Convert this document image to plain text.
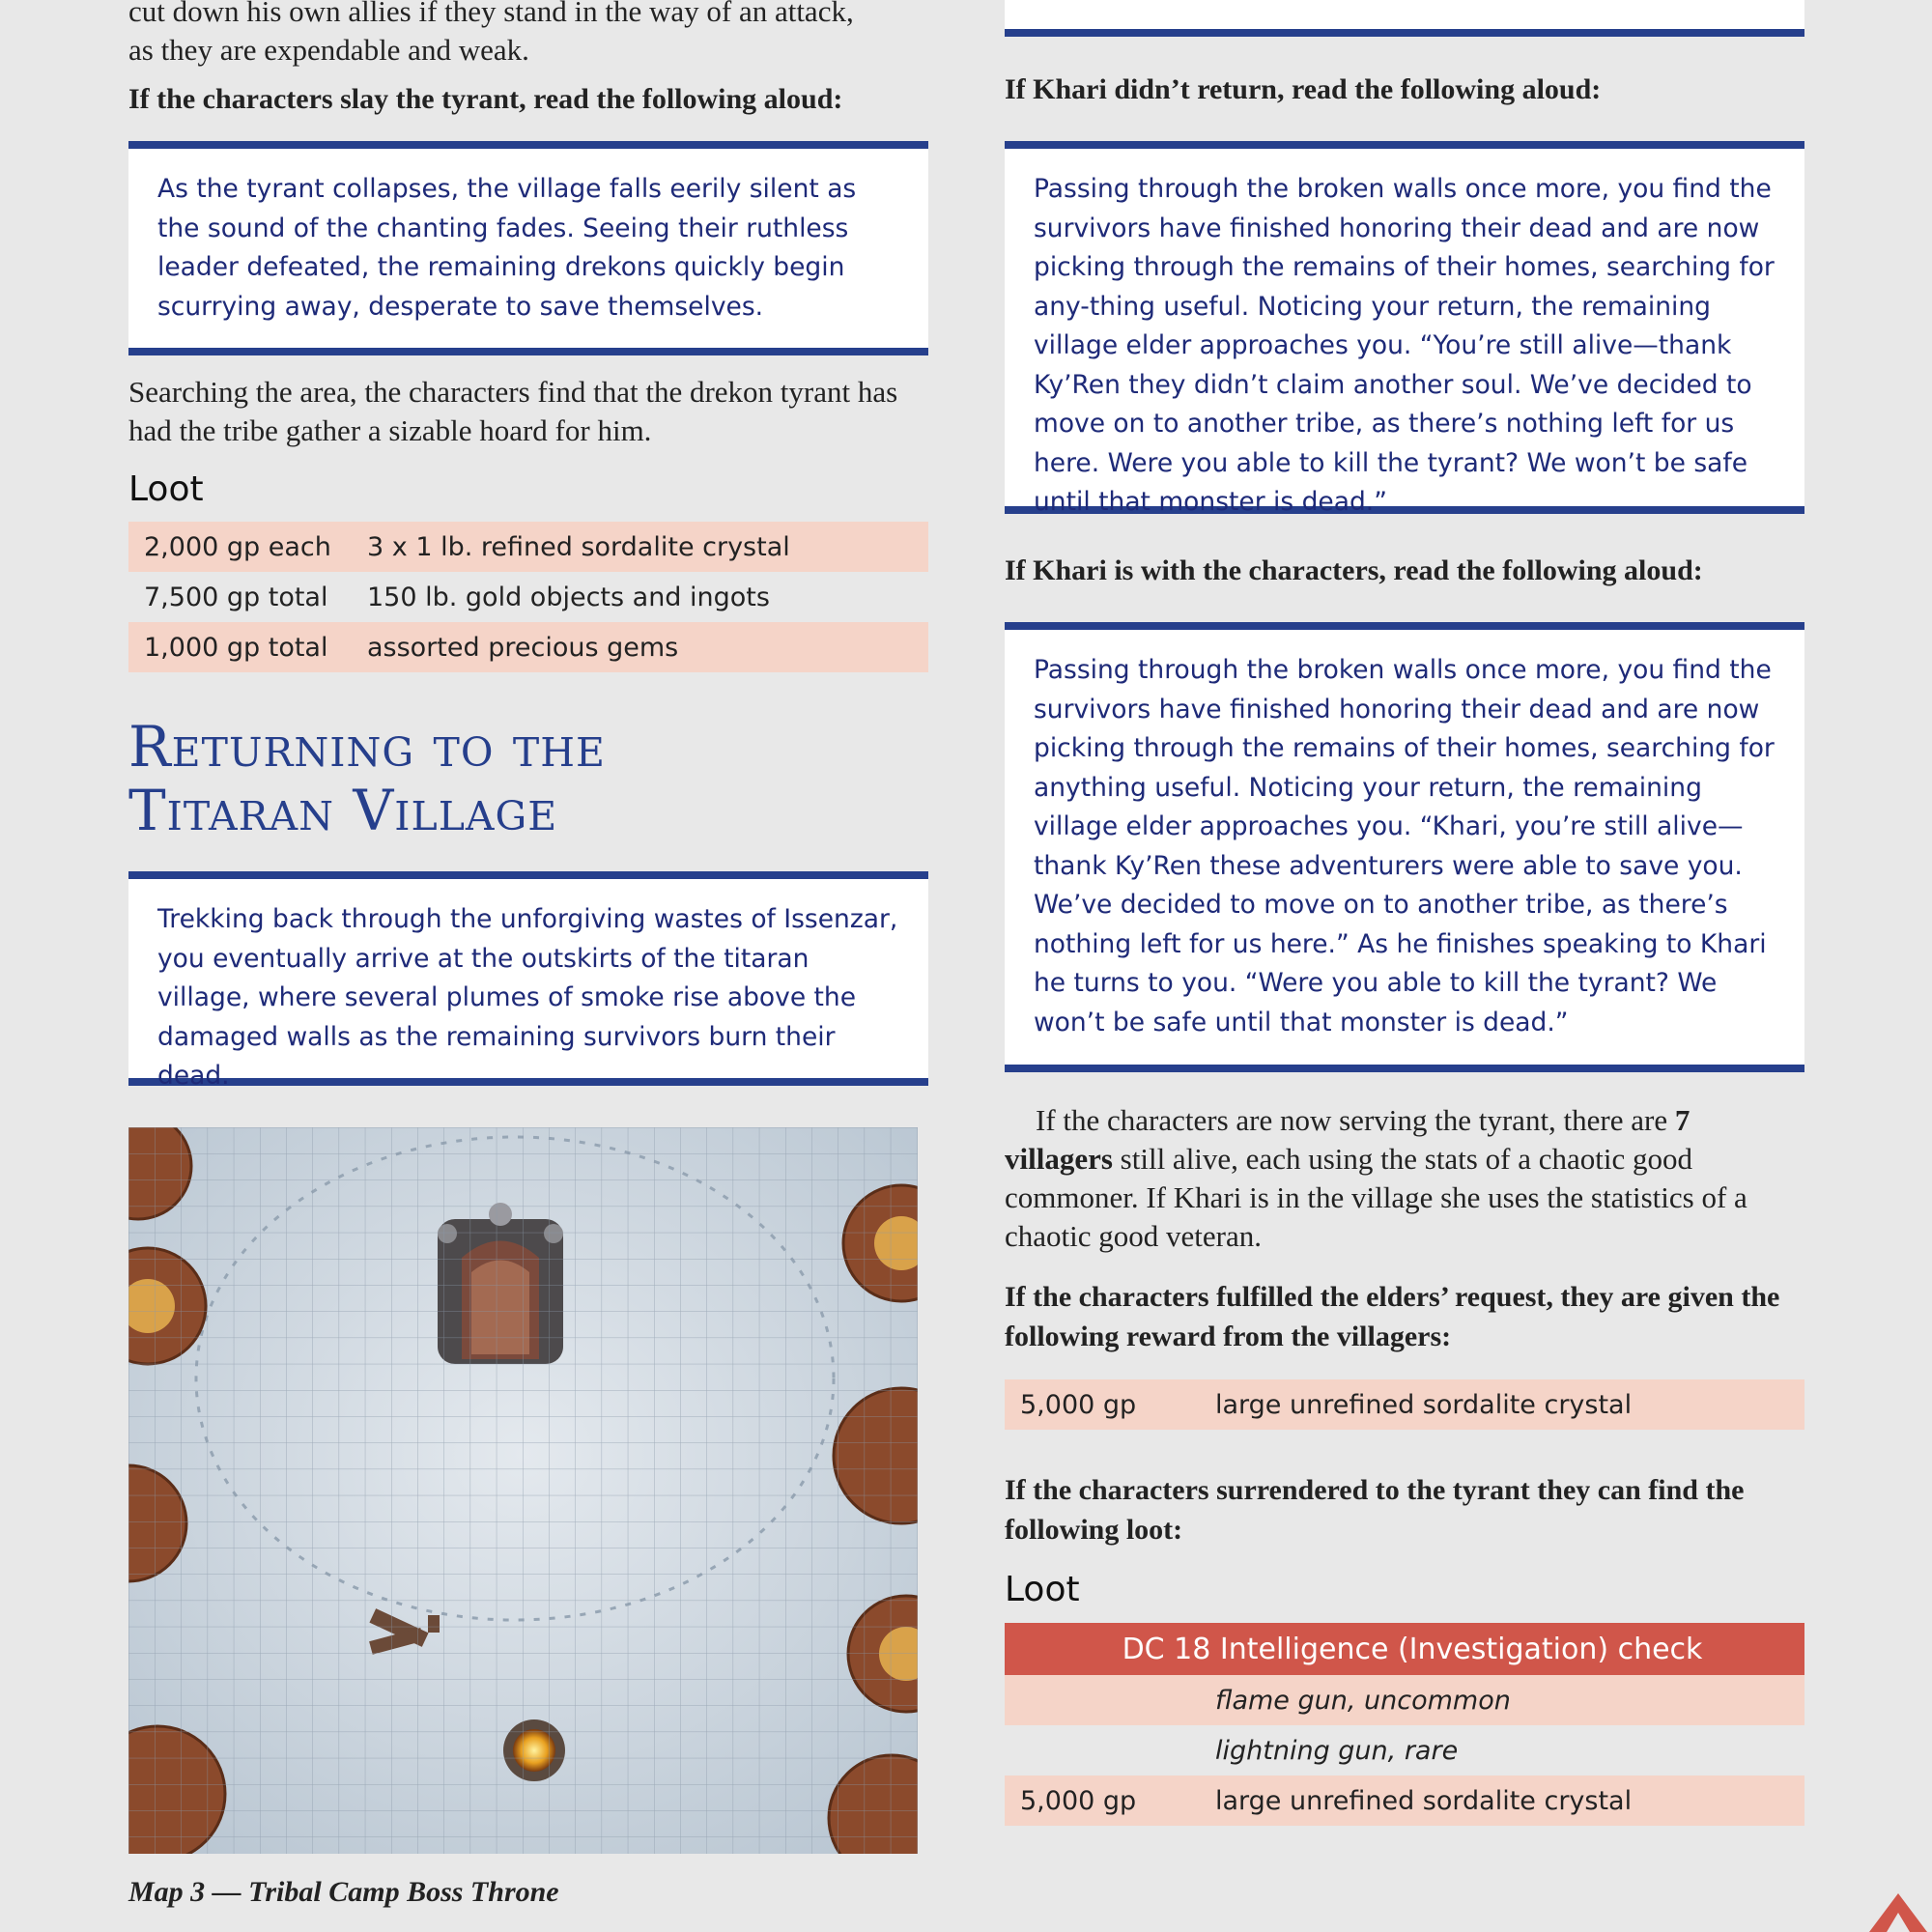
cut down his own allies if they stand in the way of an attack,

as they are expendable and weak.

If the characters slay the tyrant, read the following aloud:

As the tyrant collapses, the village falls eerily silent as the sound of the chanting fades. Seeing their ruthless leader defeated, the remaining drekons quickly begin scurrying away, desperate to save themselves.

Searching the area, the characters find that the drekon tyrant has had the tribe gather a sizable hoard for him.

Loot

2,000 gp each	3 x 1 lb. refined sordalite crystal
7,500 gp total	150 lb. gold objects and ingots
1,000 gp total	assorted precious gems

Returning to the

Titaran Village

Trekking back through the unforgiving wastes of Issenzar, you eventually arrive at the outskirts of the titaran village, where several plumes of smoke rise above the damaged walls as the remaining survivors burn their dead.

Map 3 — Tribal Camp Boss Throne

If Khari didn’t return, read the following aloud:

Passing through the broken walls once more, you find the survivors have finished honoring their dead and are now picking through the remains of their homes, searching for any-thing useful. Noticing your return, the remaining village elder approaches you. “You’re still alive—thank Ky’Ren they didn’t claim another soul. We’ve decided to move on to another tribe, as there’s nothing left for us here. Were you able to kill the tyrant? We won’t be safe until that monster is dead.”

If Khari is with the characters, read the following aloud:

Passing through the broken walls once more, you find the survivors have finished honoring their dead and are now picking through the remains of their homes, searching for anything useful. Noticing your return, the remaining village elder approaches you. “Khari, you’re still alive—thank Ky’Ren these adventurers were able to save you. We’ve decided to move on to another tribe, as there’s nothing left for us here.” As he finishes speaking to Khari he turns to you. “Were you able to kill the tyrant? We won’t be safe until that monster is dead.”

If the characters are now serving the tyrant, there are 7 villagers still alive, each using the stats of a chaotic good commoner. If Khari is in the village she uses the statistics of a chaotic good veteran.

If the characters fulfilled the elders’ request, they are given the following reward from the villagers:

5,000 gp	large unrefined sordalite crystal

If the characters surrendered to the tyrant they can find the following loot:

Loot

DC 18 Intelligence (Investigation) check	
	flame gun, uncommon
	lightning gun, rare
5,000 gp	large unrefined sordalite crystal
